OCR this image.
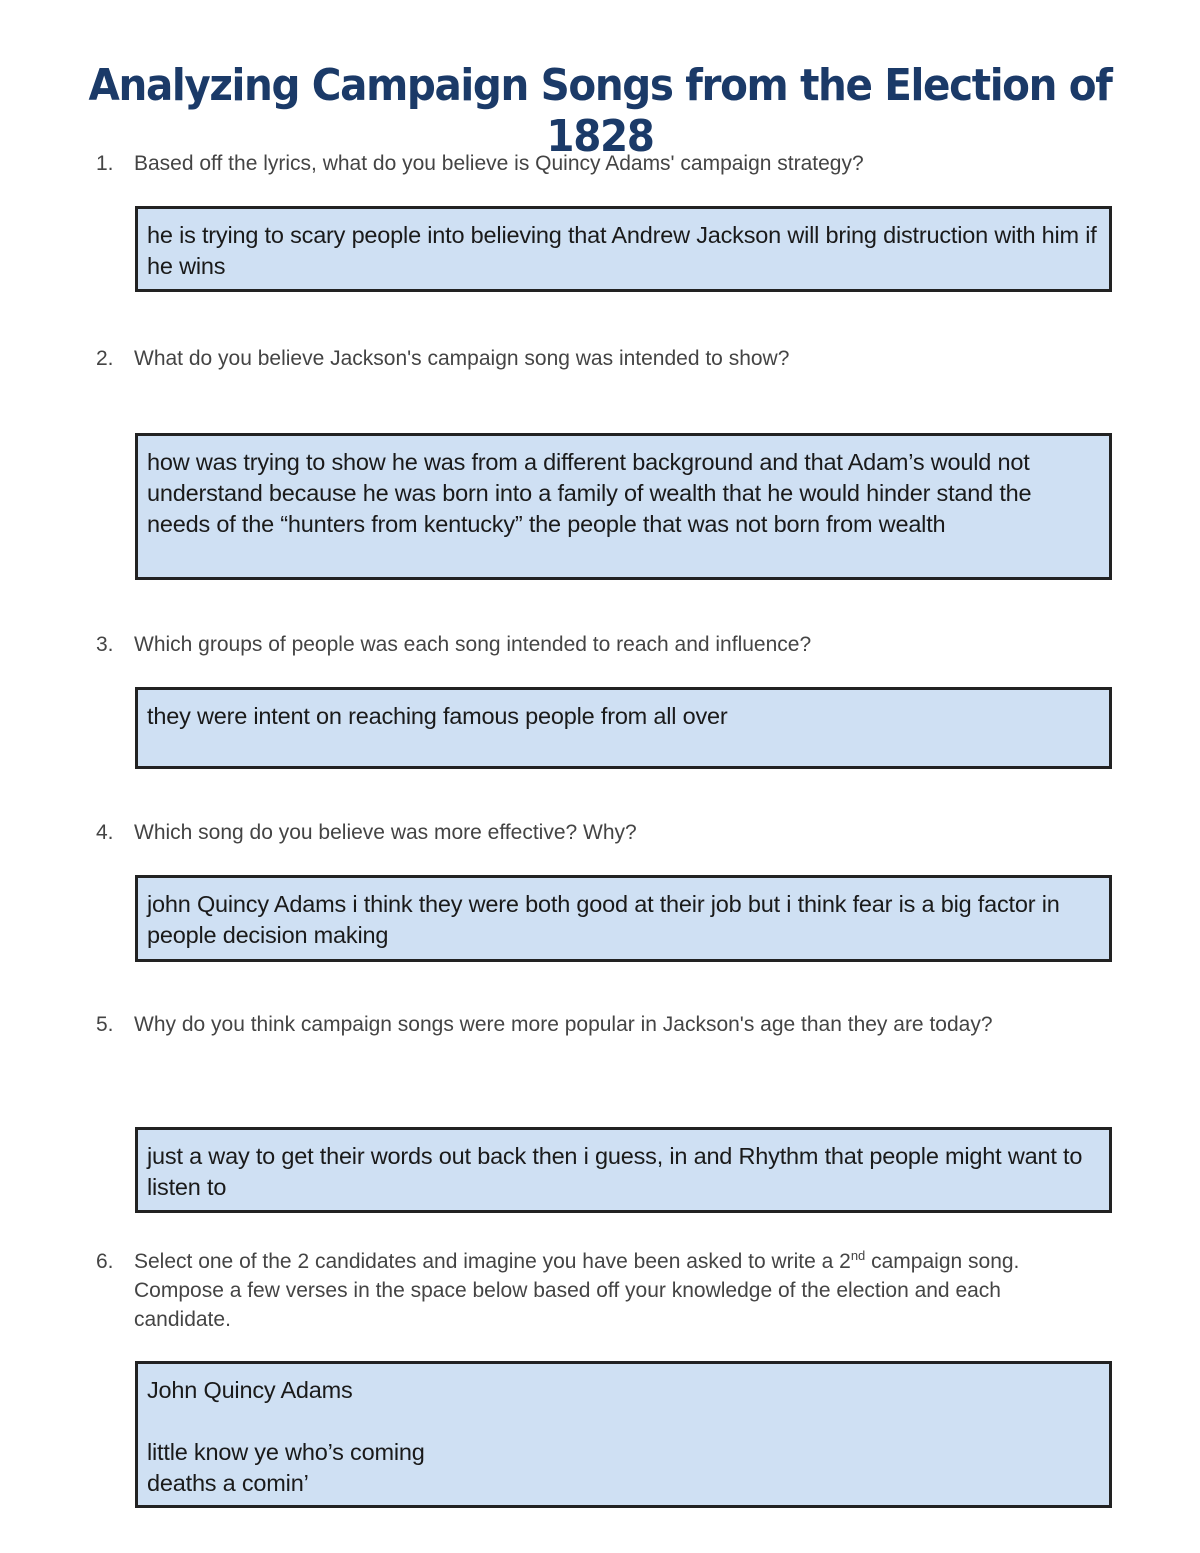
Analyzing Campaign Songs from the Election of 1828
1. Based off the lyrics, what do you believe is Quincy Adams' campaign strategy?
he is trying to scary people into believing that Andrew Jackson will bring distruction with him if he wins
2. What do you believe Jackson's campaign song was intended to show?
how was trying to show he was from a different background and that Adam’s would not understand because he was born into a family of wealth that he would hinder stand the needs of the “hunters from kentucky” the people that was not born from wealth
3. Which groups of people was each song intended to reach and influence?
they were intent on reaching famous people from all over
4. Which song do you believe was more effective? Why?
john Quincy Adams i think they were both good at their job but i think fear is a big factor in people decision making
5. Why do you think campaign songs were more popular in Jackson's age than they are today?
just a way to get their words out back then i guess, in and Rhythm that people might want to listen to
6. Select one of the 2 candidates and imagine you have been asked to write a 2nd campaign song. Compose a few verses in the space below based off your knowledge of the election and each candidate.
John Quincy Adams
little know ye who’s coming
deaths a comin’
